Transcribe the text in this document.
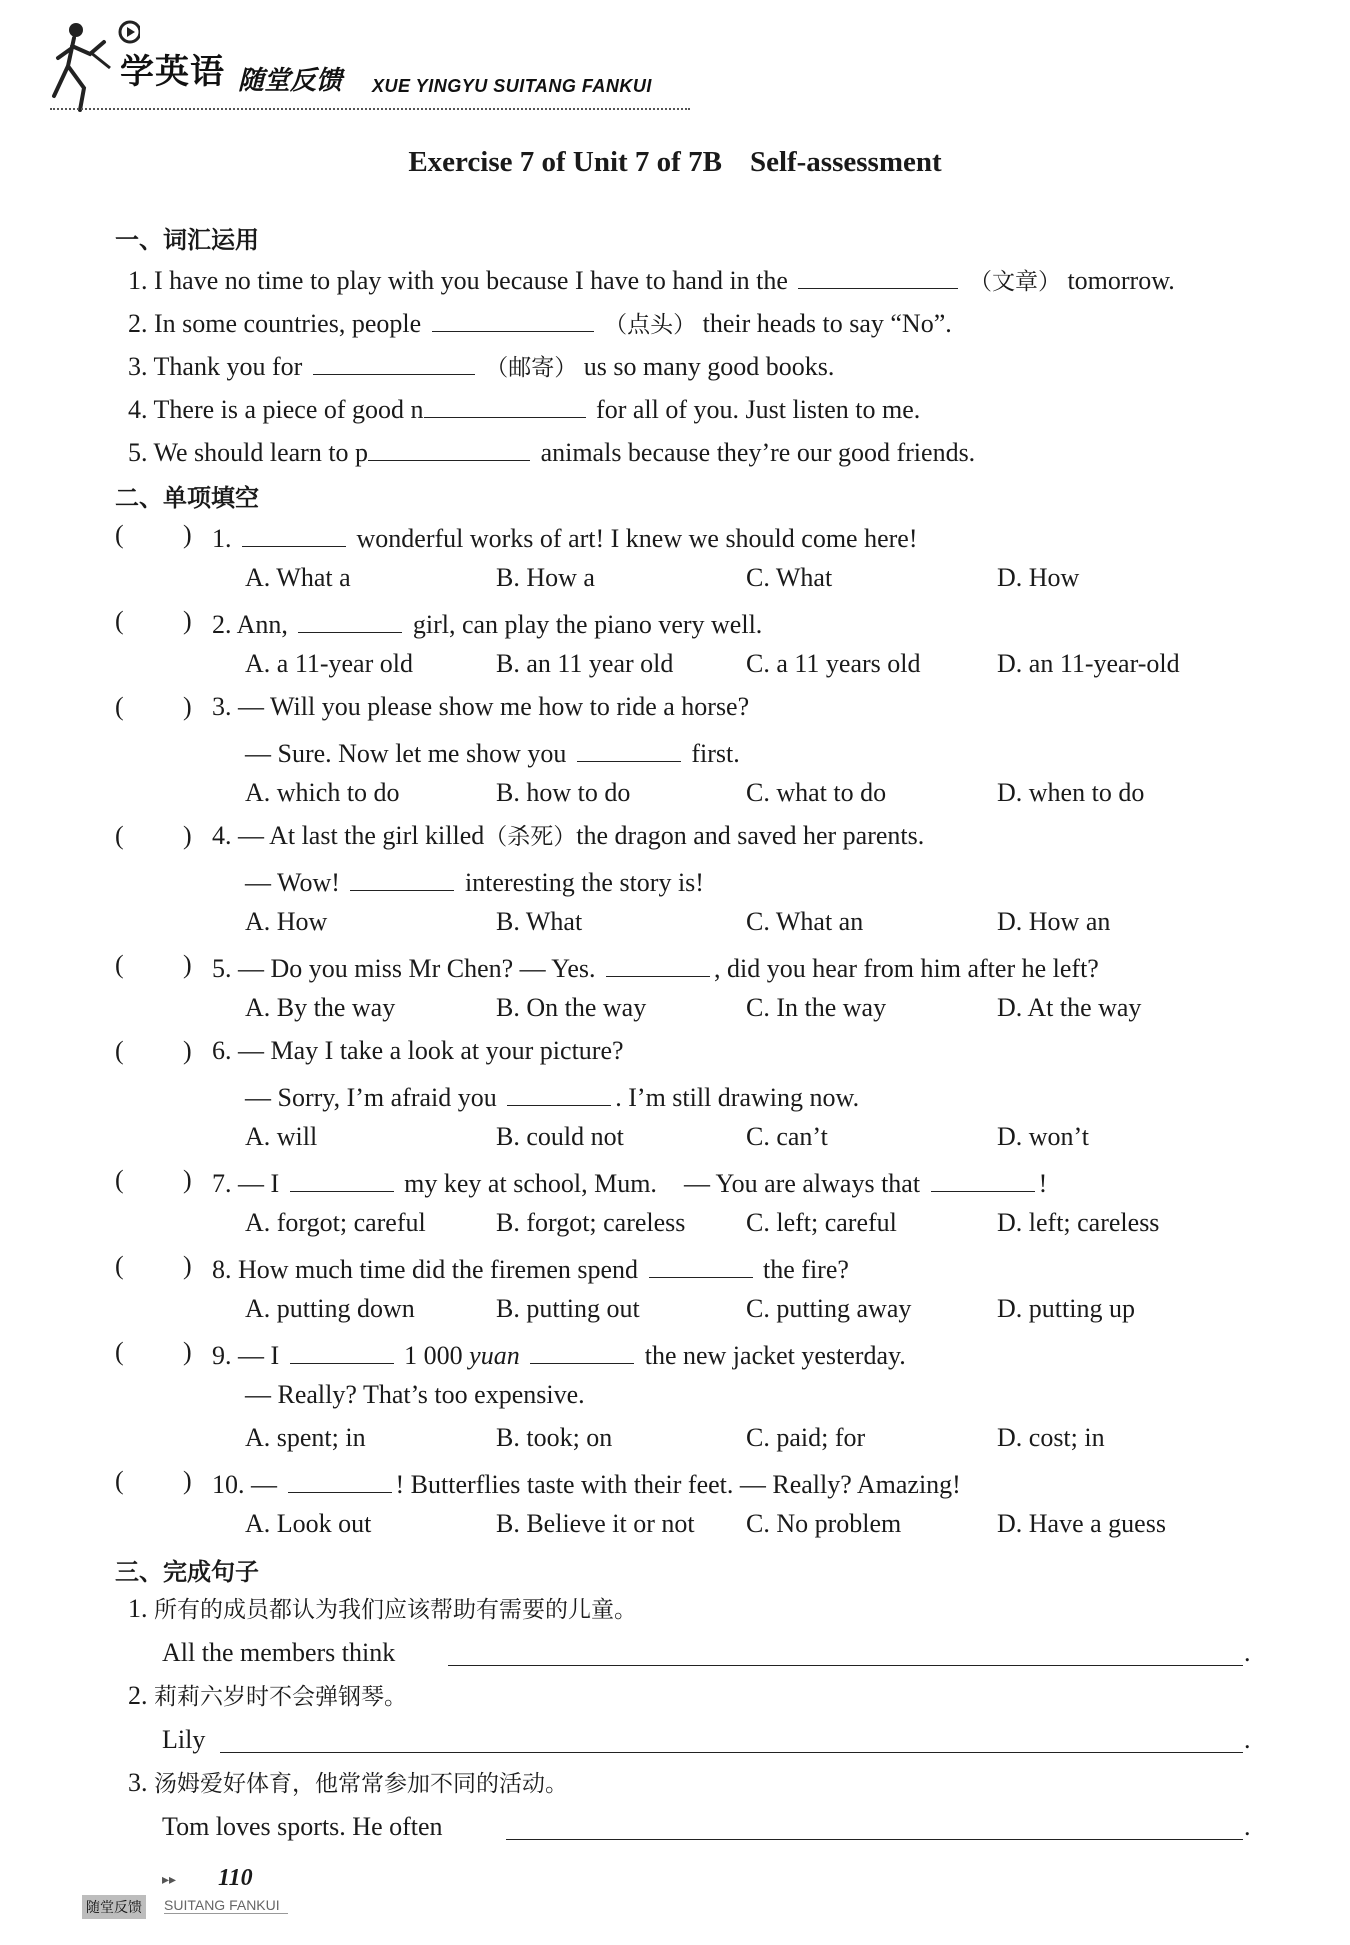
学英语 随堂反馈 XUE YINGYU SUITANG FANKUI
Exercise 7 of Unit 7 of 7B Self-assessment
一、词汇运用
1. I have no time to play with you because I have to hand in the	（文章） tomorrow.
2. In some countries, people	（点头） their heads to say “No”.
3. Thank you for	（邮寄） us so many good books.
4. There is a piece of good n	for all of you. Just listen to me.
5. We should learn to p	animals because they’re our good friends.
二、单项填空
( ) 1.	wonderful works of art! I knew we should come here!
A. What a	B. How a	C. What	D. How
( ) 2. Ann,	girl, can play the piano very well.
A. a 11-year old	B. an 11 year old	C. a 11 years old	D. an 11-year-old
( ) 3. — Will you please show me how to ride a horse?
— Sure. Now let me show you	first.
A. which to do	B. how to do	C. what to do	D. when to do
( ) 4. — At last the girl killed（杀死）the dragon and saved her parents.
— Wow!	interesting the story is!
A. How	B. What	C. What an	D. How an
( ) 5. — Do you miss Mr Chen? — Yes.	, did you hear from him after he left?
A. By the way	B. On the way	C. In the way	D. At the way
( ) 6. — May I take a look at your picture?
— Sorry, I’m afraid you	. I’m still drawing now.
A. will	B. could not	C. can’t	D. won’t
( ) 7. — I	my key at school, Mum. — You are always that	!
A. forgot; careful	B. forgot; careless C. left; careful	D. left; careless
( ) 8. How much time did the firemen spend	the fire?
A. putting down	B. putting out	C. putting away	D. putting up
( ) 9. — I	1 000 yuan	the new jacket yesterday.
— Really? That’s too expensive.
A. spent; in	B. took; on	C. paid; for	D. cost; in
( ) 10. —	! Butterflies taste with their feet. — Really? Amazing!
A. Look out	B. Believe it or not C. No problem	D. Have a guess
三、完成句子
1. 所有的成员都认为我们应该帮助有需要的儿童。
All the members think	.
2. 莉莉六岁时不会弹钢琴。
Lily	.
3. 汤姆爱好体育，他常常参加不同的活动。
Tom loves sports. He often	.
▸▸ 110
随堂反馈 SUITANG FANKUI
